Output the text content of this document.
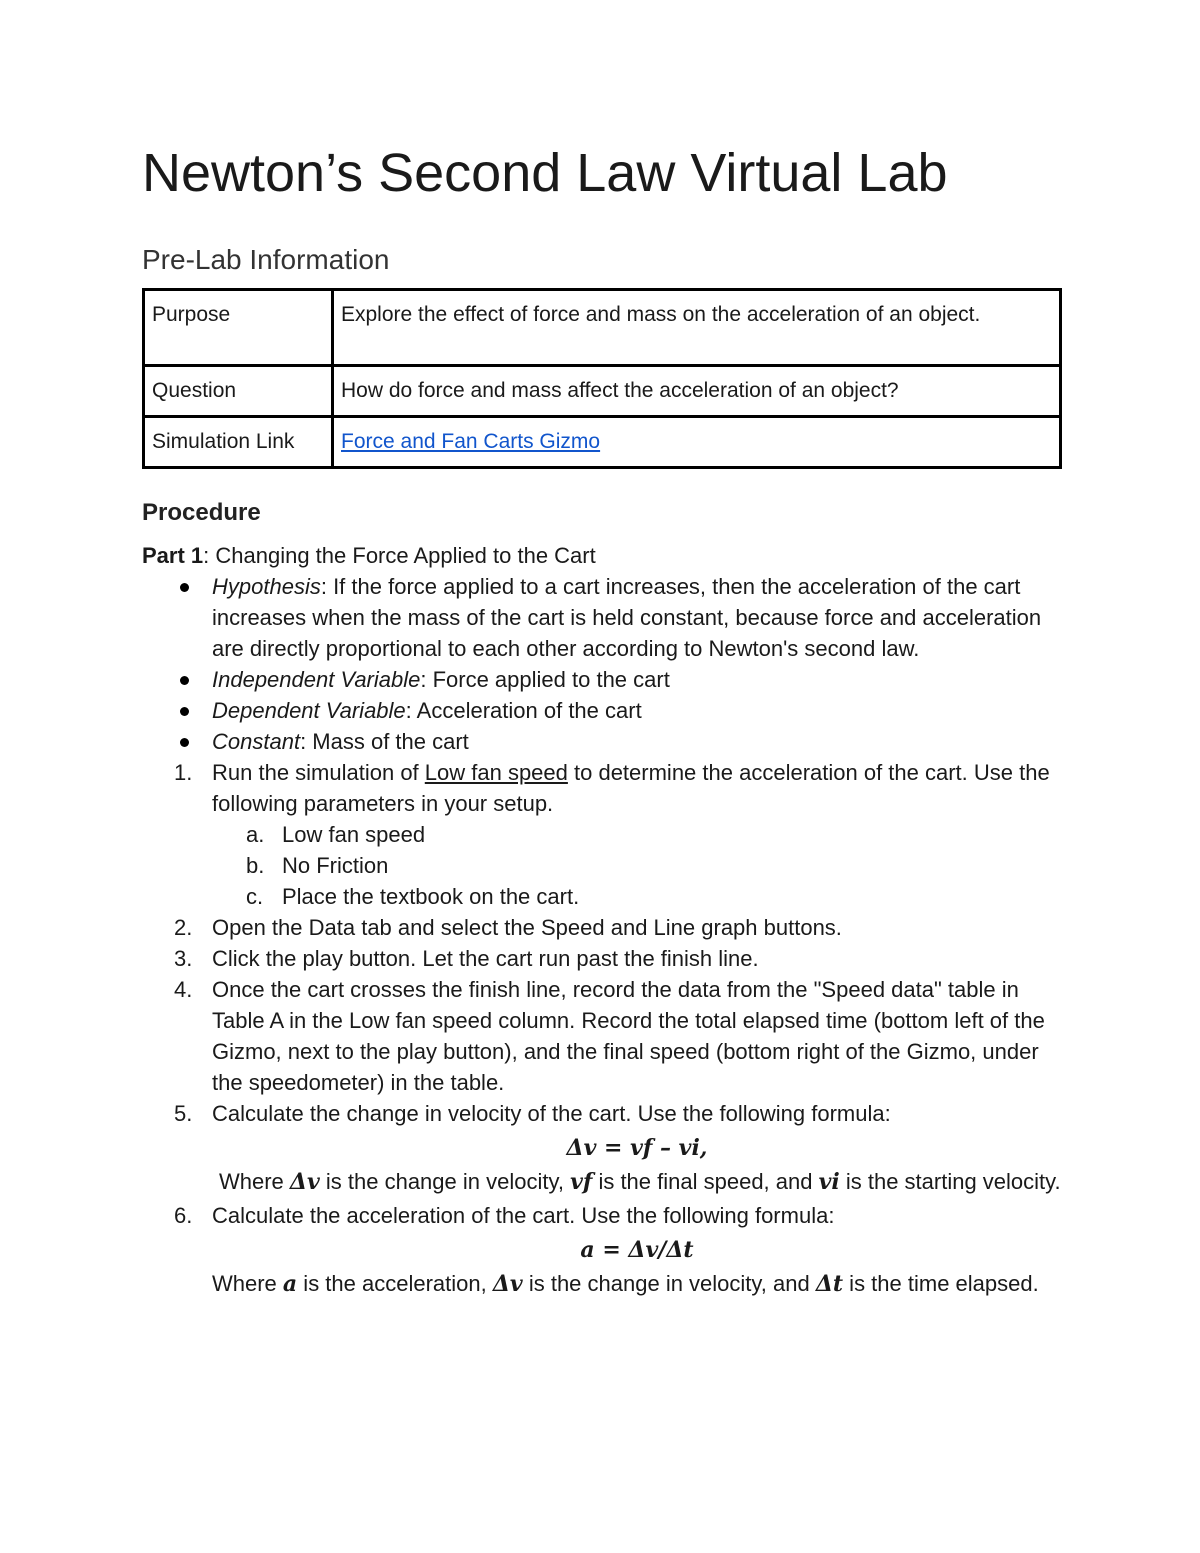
Newton’s Second Law Virtual Lab
Pre-Lab Information
Purpose	Explore the effect of force and mass on the acceleration of an object.
Question	How do force and mass affect the acceleration of an object?
Simulation Link	Force and Fan Carts Gizmo
Procedure
Part 1: Changing the Force Applied to the Cart
Hypothesis: If the force applied to a cart increases, then the acceleration of the cart increases when the mass of the cart is held constant, because force and acceleration are directly proportional to each other according to Newton's second law.
Independent Variable: Force applied to the cart
Dependent Variable: Acceleration of the cart
Constant: Mass of the cart
1. Run the simulation of Low fan speed to determine the acceleration of the cart. Use the following parameters in your setup.
a. Low fan speed
b. No Friction
c. Place the textbook on the cart.
2. Open the Data tab and select the Speed and Line graph buttons.
3. Click the play button. Let the cart run past the finish line.
4. Once the cart crosses the finish line, record the data from the "Speed data" table in Table A in the Low fan speed column. Record the total elapsed time (bottom left of the Gizmo, next to the play button), and the final speed (bottom right of the Gizmo, under the speedometer) in the table.
5. Calculate the change in velocity of the cart. Use the following formula:
Δv = vf – vi,
Where Δv is the change in velocity, vf is the final speed, and vi is the starting velocity.
6. Calculate the acceleration of the cart. Use the following formula:
a = Δv/Δt
Where a is the acceleration, Δv is the change in velocity, and Δt is the time elapsed.
